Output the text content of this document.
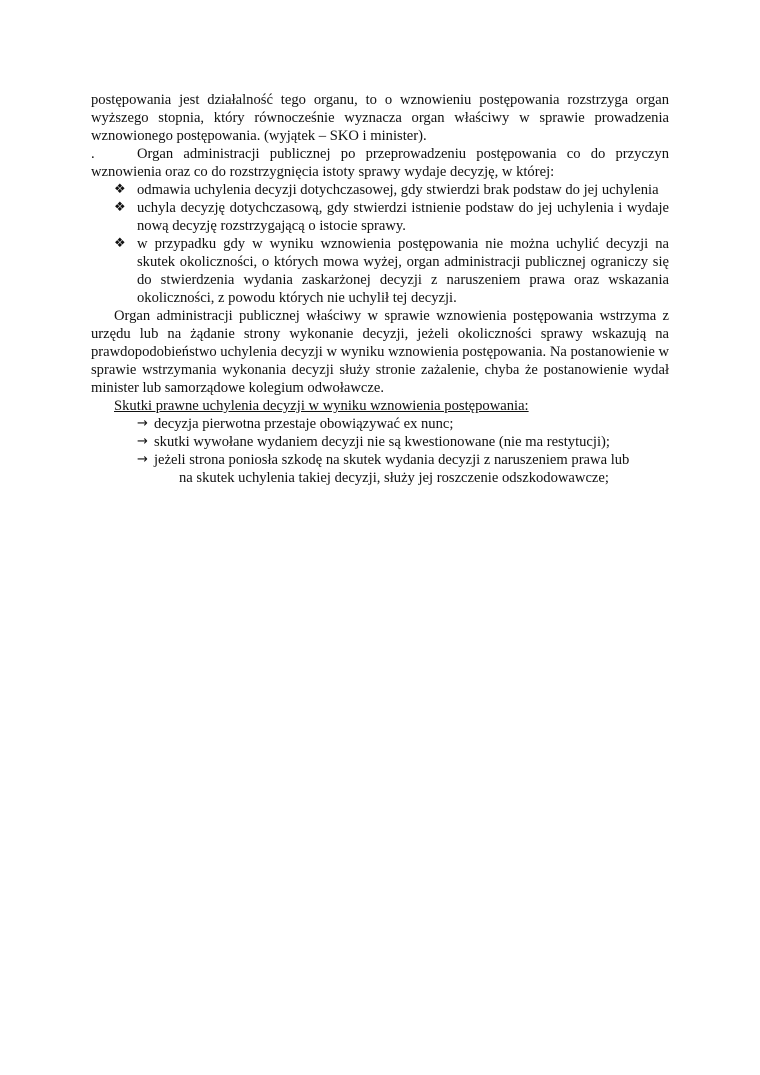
postępowania jest działalność tego organu, to o wznowieniu postępowania rozstrzyga organ wyższego stopnia, który równocześnie wyznacza organ właściwy w sprawie prowadzenia wznowionego postępowania. (wyjątek – SKO i minister).

.	Organ administracji publicznej po przeprowadzeniu postępowania co do przyczyn wznowienia oraz co do rozstrzygnięcia istoty sprawy wydaje decyzję, w której:

❖ odmawia uchylenia decyzji dotychczasowej, gdy stwierdzi brak podstaw do jej uchylenia
❖ uchyla decyzję dotychczasową, gdy stwierdzi istnienie podstaw do jej uchylenia i wydaje nową decyzję rozstrzygającą o istocie sprawy.
❖ w przypadku gdy w wyniku wznowienia postępowania nie można uchylić decyzji na skutek okoliczności, o których mowa wyżej, organ administracji publicznej ograniczy się do stwierdzenia wydania zaskarżonej decyzji z naruszeniem prawa oraz wskazania okoliczności, z powodu których nie uchylił tej decyzji.

Organ administracji publicznej właściwy w sprawie wznowienia postępowania wstrzyma z urzędu lub na żądanie strony wykonanie decyzji, jeżeli okoliczności sprawy wskazują na prawdopodobieństwo uchylenia decyzji w wyniku wznowienia postępowania. Na postanowienie w sprawie wstrzymania wykonania decyzji służy stronie zażalenie, chyba że postanowienie wydał minister lub samorządowe kolegium odwoławcze.

Skutki prawne uchylenia decyzji w wyniku wznowienia postępowania:

→ decyzja pierwotna przestaje obowiązywać ex nunc;
→ skutki wywołane wydaniem decyzji nie są kwestionowane (nie ma restytucji);
→ jeżeli strona poniosła szkodę na skutek wydania decyzji z naruszeniem prawa lub
na skutek uchylenia takiej decyzji, służy jej roszczenie odszkodowawcze;
